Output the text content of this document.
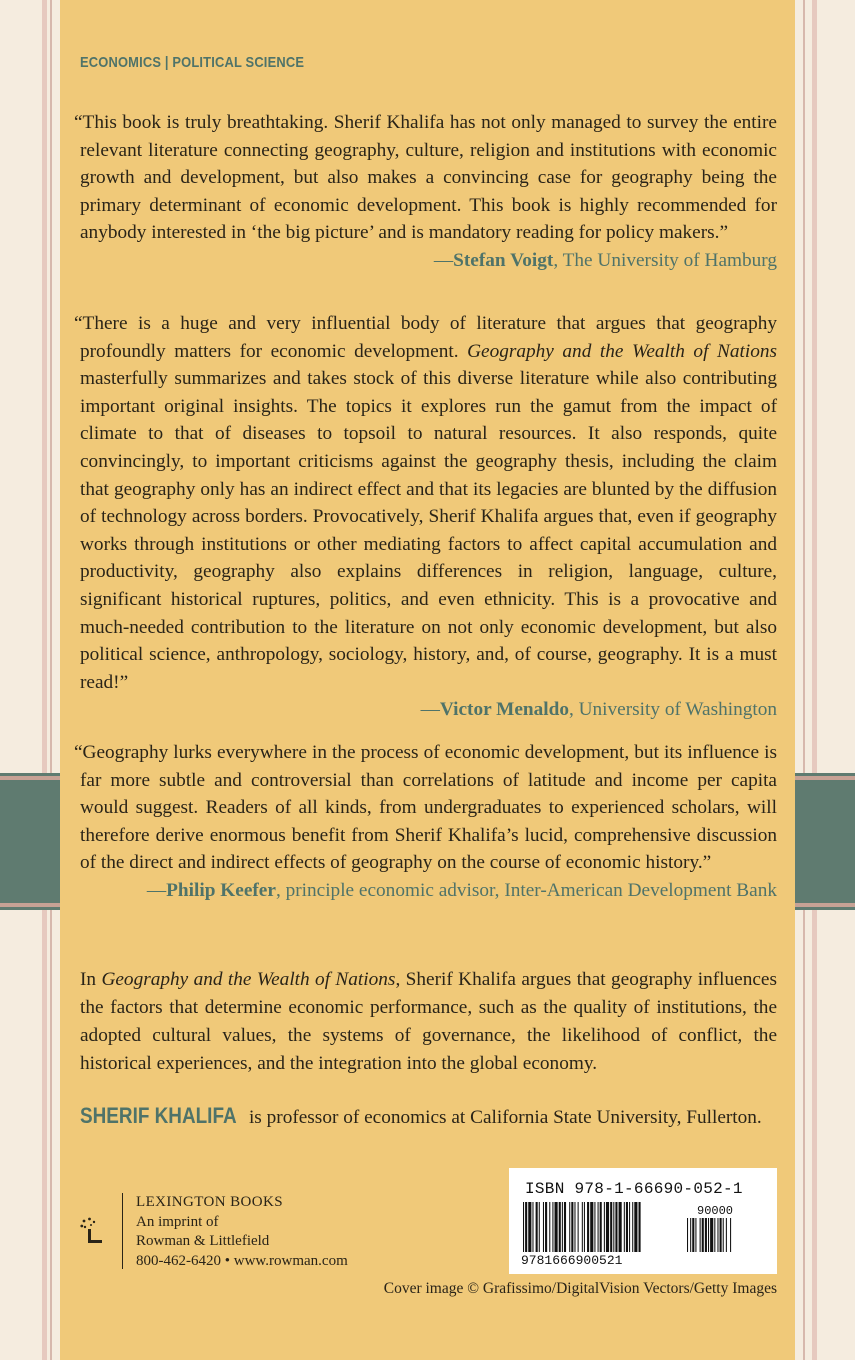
ECONOMICS | POLITICAL SCIENCE

“This book is truly breathtaking. Sherif Khalifa has not only managed to survey the entire relevant literature connecting geography, culture, religion and institutions with economic growth and development, but also makes a convincing case for geography being the primary determinant of economic development. This book is highly recommended for anybody interested in ‘the big picture’ and is mandatory reading for policy makers.”

—Stefan Voigt, The University of Hamburg

“There is a huge and very influential body of literature that argues that geography profoundly matters for economic development. Geography and the Wealth of Nations masterfully summarizes and takes stock of this diverse literature while also contributing important original insights. The topics it explores run the gamut from the impact of climate to that of diseases to topsoil to natural resources. It also responds, quite convincingly, to important criticisms against the geography thesis, including the claim that geography only has an indirect effect and that its legacies are blunted by the diffusion of technology across borders. Provocatively, Sherif Khalifa argues that, even if geography works through institutions or other mediating factors to affect capital accumulation and productivity, geography also explains differences in religion, language, culture, significant historical ruptures, politics, and even ethnicity. This is a provocative and much-needed contribution to the literature on not only economic development, but also political science, anthropology, sociology, history, and, of course, geography. It is a must read!”

—Victor Menaldo, University of Washington

“Geography lurks everywhere in the process of economic development, but its influence is far more subtle and controversial than correlations of latitude and income per capita would suggest. Readers of all kinds, from undergraduates to experienced scholars, will therefore derive enormous benefit from Sherif Khalifa’s lucid, comprehensive discussion of the direct and indirect effects of geography on the course of economic history.”

—Philip Keefer, principle economic advisor, Inter-American Development Bank

In Geography and the Wealth of Nations, Sherif Khalifa argues that geography influences the factors that determine economic performance, such as the quality of institutions, the adopted cultural values, the systems of governance, the likelihood of conflict, the historical experiences, and the integration into the global economy.

SHERIF KHALIFA is professor of economics at California State University, Fullerton.
LEXINGTON BOOKS
An imprint of
Rowman & Littlefield
800-462-6420 • www.rowman.com
ISBN 978-1-66690-052-1
9781666900521
90000
Cover image © Grafissimo/DigitalVision Vectors/Getty Images
